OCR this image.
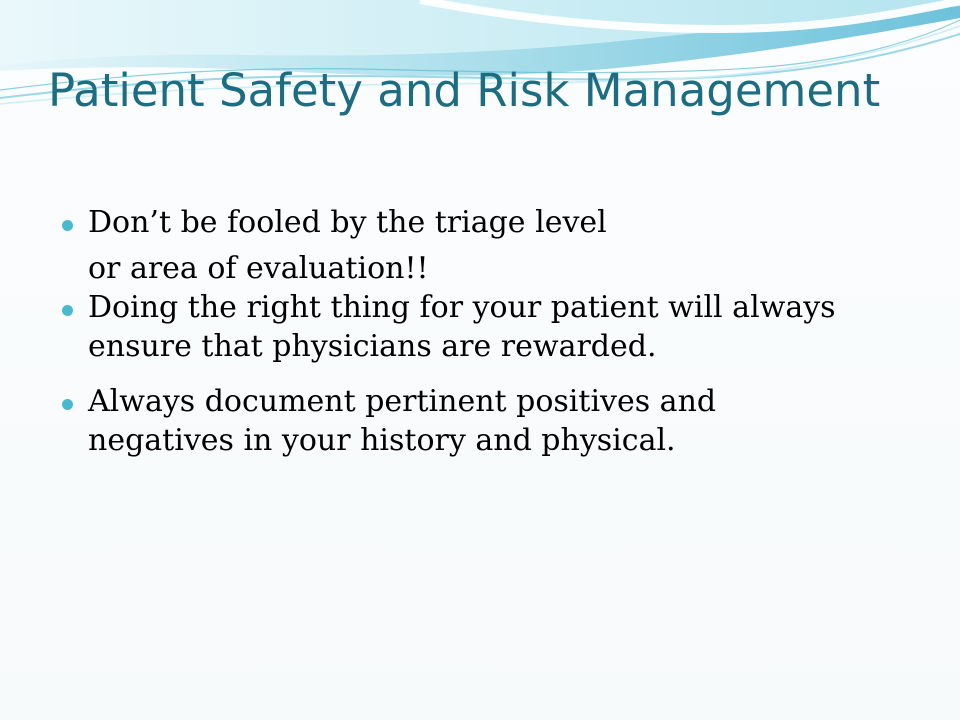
Patient Safety and Risk Management
Don’t be fooled by the triage level
or area of evaluation!!
Doing the right thing for your patient will always
ensure that physicians are rewarded.
Always document pertinent positives and
negatives in your history and physical.
